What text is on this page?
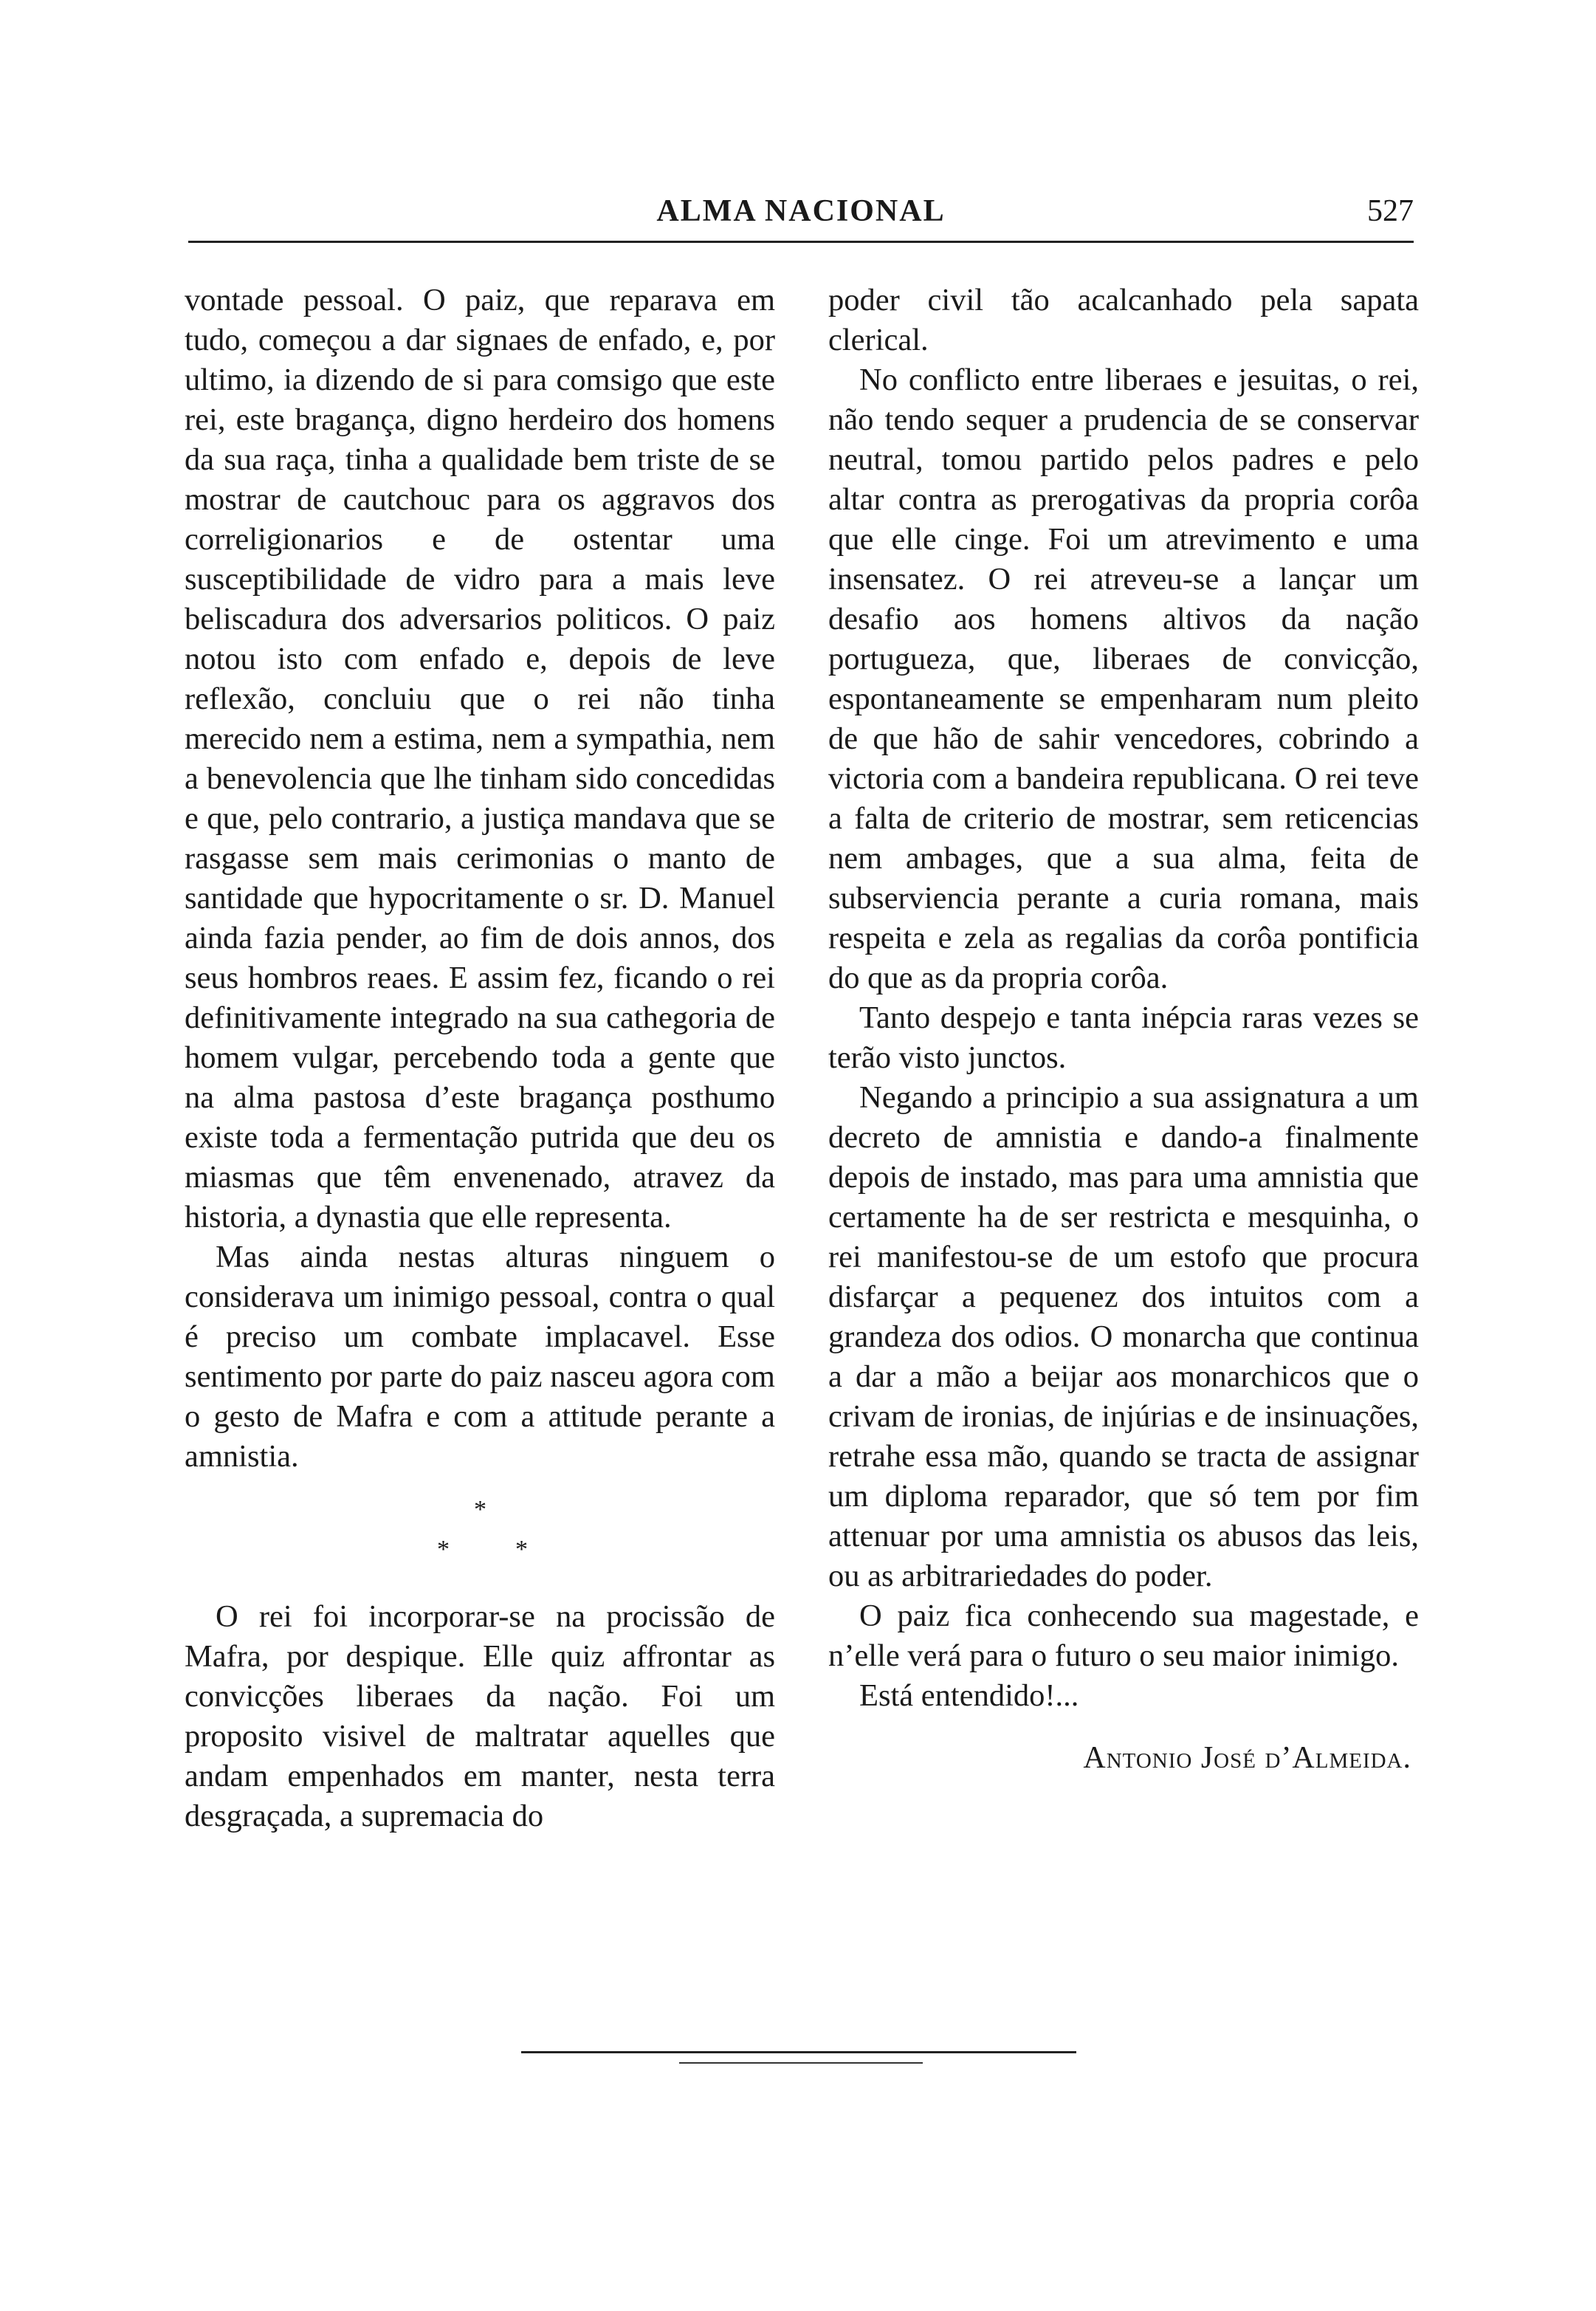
ALMA NACIONAL	527

vontade pessoal. O paiz, que reparava em tudo, começou a dar signaes de enfado, e, por ultimo, ia dizendo de si para comsigo que este rei, este bragança, digno herdeiro dos homens da sua raça, tinha a qualidade bem triste de se mostrar de cautchouc para os aggravos dos correligionarios e de ostentar uma susceptibilidade de vidro para a mais leve beliscadura dos adversarios politicos. O paiz notou isto com enfado e, depois de leve reflexão, concluiu que o rei não tinha merecido nem a estima, nem a sympathia, nem a benevolencia que lhe tinham sido concedidas e que, pelo contrario, a justiça mandava que se rasgasse sem mais cerimonias o manto de santidade que hypocritamente o sr. D. Manuel ainda fazia pender, ao fim de dois annos, dos seus hombros reaes. E assim fez, ficando o rei definitivamente integrado na sua cathegoria de homem vulgar, percebendo toda a gente que na alma pastosa d’este bragança posthumo existe toda a fermentação putrida que deu os miasmas que têm envenenado, atravez da historia, a dynastia que elle representa.

Mas ainda nestas alturas ninguem o considerava um inimigo pessoal, contra o qual é preciso um combate implacavel. Esse sentimento por parte do paiz nasceu agora com o gesto de Mafra e com a attitude perante a amnistia.

*
*	*

O rei foi incorporar-se na procissão de Mafra, por despique. Elle quiz affrontar as convicções liberaes da nação. Foi um proposito visivel de maltratar aquelles que andam empenhados em manter, nesta terra desgraçada, a supremacia do

poder civil tão acalcanhado pela sapata clerical.

No conflicto entre liberaes e jesuitas, o rei, não tendo sequer a prudencia de se conservar neutral, tomou partido pelos padres e pelo altar contra as prerogativas da propria corôa que elle cinge. Foi um atrevimento e uma insensatez. O rei atreveu-se a lançar um desafio aos homens altivos da nação portugueza, que, liberaes de convicção, espontaneamente se empenharam num pleito de que hão de sahir vencedores, cobrindo a victoria com a bandeira republicana. O rei teve a falta de criterio de mostrar, sem reticencias nem ambages, que a sua alma, feita de subserviencia perante a curia romana, mais respeita e zela as regalias da corôa pontificia do que as da propria corôa.

Tanto despejo e tanta inépcia raras vezes se terão visto junctos.

Negando a principio a sua assignatura a um decreto de amnistia e dando-a finalmente depois de instado, mas para uma amnistia que certamente ha de ser restricta e mesquinha, o rei manifestou-se de um estofo que procura disfarçar a pequenez dos intuitos com a grandeza dos odios. O monarcha que continua a dar a mão a beijar aos monarchicos que o crivam de ironias, de injúrias e de insinuações, retrahe essa mão, quando se tracta de assignar um diploma reparador, que só tem por fim attenuar por uma amnistia os abusos das leis, ou as arbitrariedades do poder.

O paiz fica conhecendo sua magestade, e n’elle verá para o futuro o seu maior inimigo.

Está entendido!...

Antonio José d’Almeida.
